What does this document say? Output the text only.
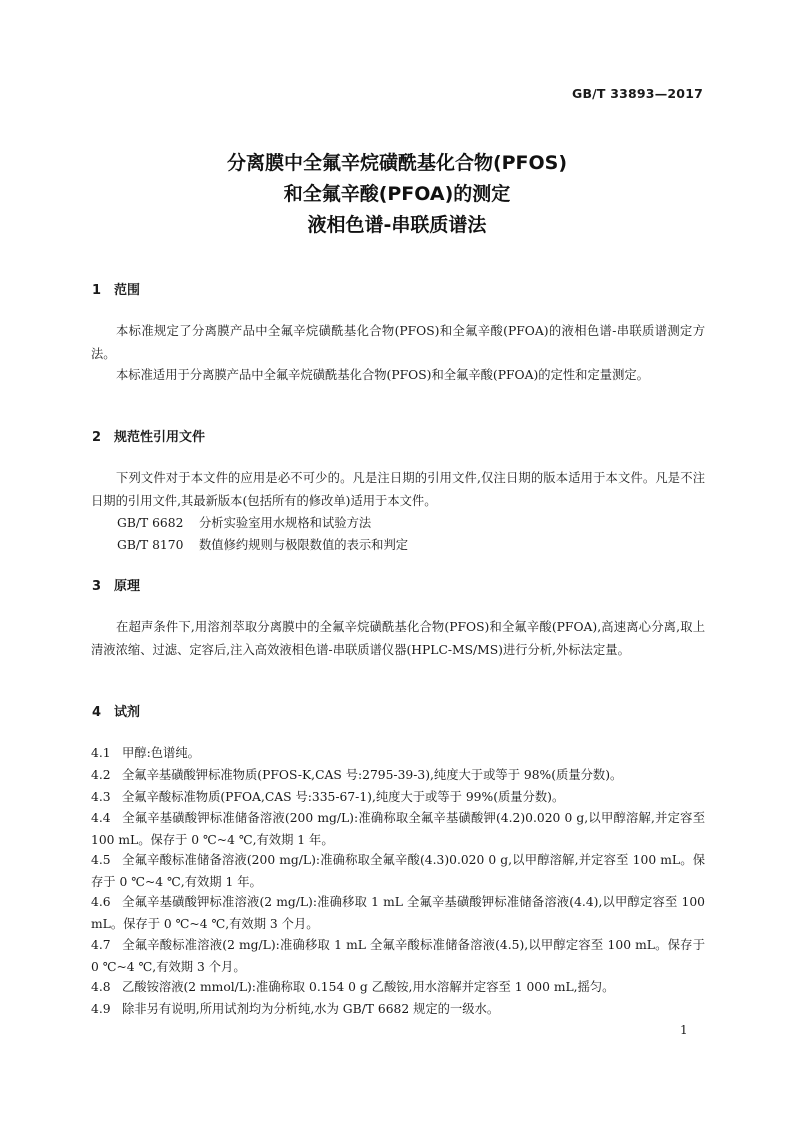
GB/T 33893—2017
分离膜中全氟辛烷磺酰基化合物(PFOS)
和全氟辛酸(PFOA)的测定
液相色谱-串联质谱法
1 范围

本标准规定了分离膜产品中全氟辛烷磺酰基化合物(PFOS)和全氟辛酸(PFOA)的液相色谱-串联质谱测定方法。

本标准适用于分离膜产品中全氟辛烷磺酰基化合物(PFOS)和全氟辛酸(PFOA)的定性和定量测定。

2 规范性引用文件

下列文件对于本文件的应用是必不可少的。凡是注日期的引用文件,仅注日期的版本适用于本文件。凡是不注日期的引用文件,其最新版本(包括所有的修改单)适用于本文件。

GB/T 6682 分析实验室用水规格和试验方法
GB/T 8170 数值修约规则与极限数值的表示和判定
3 原理

在超声条件下,用溶剂萃取分离膜中的全氟辛烷磺酰基化合物(PFOS)和全氟辛酸(PFOA),高速离心分离,取上清液浓缩、过滤、定容后,注入高效液相色谱-串联质谱仪器(HPLC-MS/MS)进行分析,外标法定量。

4 试剂

4.1 甲醇:色谱纯。

4.2 全氟辛基磺酸钾标准物质(PFOS-K,CAS 号:2795-39-3),纯度大于或等于 98%(质量分数)。

4.3 全氟辛酸标准物质(PFOA,CAS 号:335-67-1),纯度大于或等于 99%(质量分数)。

4.4 全氟辛基磺酸钾标准储备溶液(200 mg/L):准确称取全氟辛基磺酸钾(4.2)0.020 0 g,以甲醇溶解,并定容至 100 mL。保存于 0 ℃~4 ℃,有效期 1 年。

4.5 全氟辛酸标准储备溶液(200 mg/L):准确称取全氟辛酸(4.3)0.020 0 g,以甲醇溶解,并定容至 100 mL。保存于 0 ℃~4 ℃,有效期 1 年。

4.6 全氟辛基磺酸钾标准溶液(2 mg/L):准确移取 1 mL 全氟辛基磺酸钾标准储备溶液(4.4),以甲醇定容至 100 mL。保存于 0 ℃~4 ℃,有效期 3 个月。

4.7 全氟辛酸标准溶液(2 mg/L):准确移取 1 mL 全氟辛酸标准储备溶液(4.5),以甲醇定容至 100 mL。保存于 0 ℃~4 ℃,有效期 3 个月。

4.8 乙酸铵溶液(2 mmol/L):准确称取 0.154 0 g 乙酸铵,用水溶解并定容至 1 000 mL,摇匀。

4.9 除非另有说明,所用试剂均为分析纯,水为 GB/T 6682 规定的一级水。

1
